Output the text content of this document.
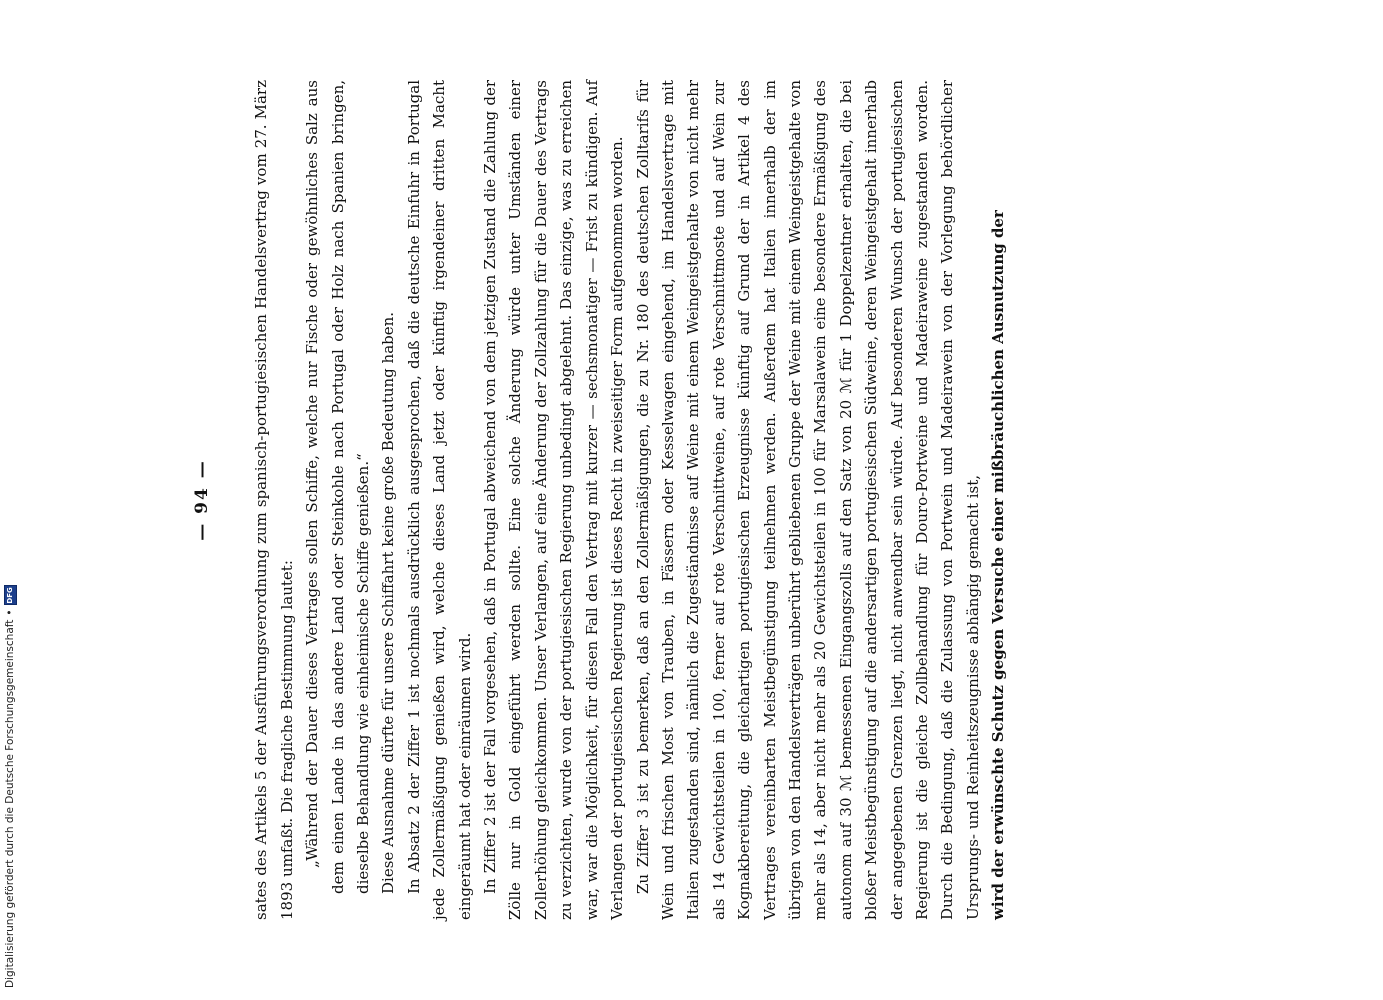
Digitalisierung gefördert durch die Deutsche Forschungsgemeinschaft
•
DFG
— 94 —	sates des Artikels 5 der Ausführungsverordnung zum spanisch-portugiesischen Handelsvertrag vom 27. März 1893 umfaßt. Die fragliche Bestimmung lautet: „Während der Dauer dieses Vertrages sollen Schiffe, welche nur Fische oder gewöhnliches Salz aus dem einen Lande in das andere Land oder Steinkohle nach Portugal oder Holz nach Spanien bringen, dieselbe Behandlung wie einheimische Schiffe genießen.“ Diese Ausnahme dürfte für unsere Schiffahrt keine große Bedeutung haben. In Absatz 2 der Ziffer 1 ist nochmals ausdrücklich ausgesprochen, daß die deutsche Einfuhr in Portugal jede Zollermäßigung genießen wird, welche dieses Land jetzt oder künftig irgendeiner dritten Macht eingeräumt hat oder einräumen wird. In Ziffer 2 ist der Fall vorgesehen, daß in Portugal abweichend von dem jetzigen Zustand die Zahlung der Zölle nur in Gold eingeführt werden sollte. Eine solche Änderung würde unter Umständen einer Zollerhöhung gleichkommen. Unser Verlangen, auf eine Änderung der Zollzahlung für die Dauer des Vertrags zu verzichten, wurde von der portugiesischen Regierung unbedingt abgelehnt. Das einzige, was zu erreichen war, war die Möglichkeit, für diesen Fall den Vertrag mit kurzer — sechsmonatiger — Frist zu kündigen. Auf Verlangen der portugiesischen Regierung ist dieses Recht in zweiseitiger Form aufgenommen worden. Zu Ziffer 3 ist zu bemerken, daß an den Zollermäßigungen, die zu Nr. 180 des deutschen Zolltarifs für Wein und frischen Most von Trauben, in Fässern oder Kesselwagen eingehend, im Handelsvertrage mit Italien zugestanden sind, nämlich die Zugeständnisse auf Weine mit einem Weingeistgehalte von nicht mehr als 14 Gewichtsteilen in 100, ferner auf rote Verschnittweine, auf rote Verschnittmoste und auf Wein zur Kognakbereitung, die gleichartigen portugiesischen Erzeugnisse künftig auf Grund der in Artikel 4 des Vertrages vereinbarten Meistbegünstigung teilnehmen werden. Außerdem hat Italien innerhalb der im übrigen von den Handelsverträgen unberührt gebliebenen Gruppe der Weine mit einem Weingeistgehalte von mehr als 14, aber nicht mehr als 20 Gewichtsteilen in 100 für Marsalawein eine besondere Ermäßigung des autonom auf 30 ℳ bemessenen Eingangszolls auf den Satz von 20 ℳ für 1 Doppelzentner erhalten, die bei bloßer Meistbegünstigung auf die andersartigen portugiesischen Südweine, deren Weingeistgehalt innerhalb der angegebenen Grenzen liegt, nicht anwendbar sein würde. Auf besonderen Wunsch der portugiesischen Regierung ist die gleiche Zollbehandlung für Douro-Portweine und Madeiraweine zugestanden worden. Durch die Bedingung, daß die Zulassung von Portwein und Madeirawein von der Vorlegung behördlicher Ursprungs- und Reinheitszeugnisse abhängig gemacht ist, wird der erwünschte Schutz gegen Versuche einer mißbräuchlichen Ausnutzung der
